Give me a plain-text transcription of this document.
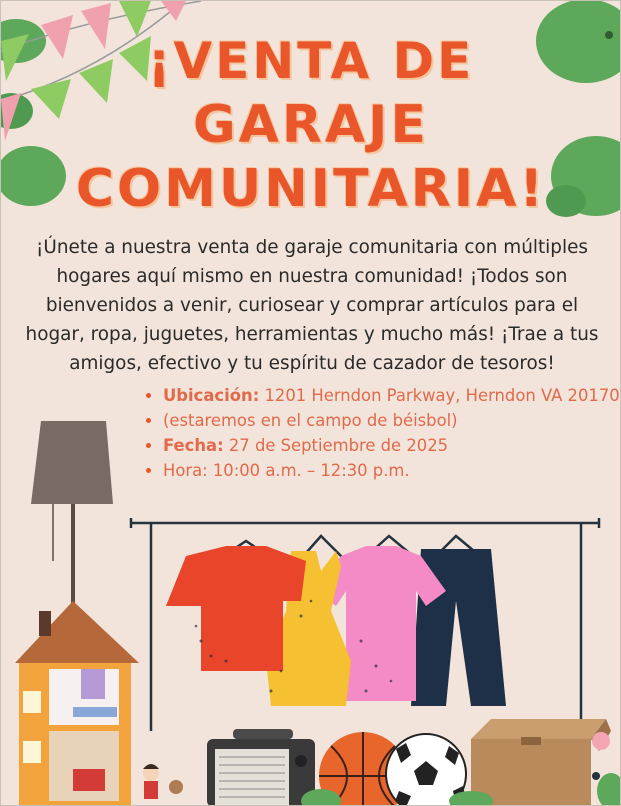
¡VENTA DE
GARAJE
COMUNITARIA!

¡Únete a nuestra venta de garaje comunitaria con múltiples hogares aquí mismo en nuestra comunidad! ¡Todos son bienvenidos a venir, curiosear y comprar artículos para el hogar, ropa, juguetes, herramientas y mucho más! ¡Trae a tus amigos, efectivo y tu espíritu de cazador de tesoros!

• Ubicación: 1201 Herndon Parkway, Herndon VA 20170
• (estaremos en el campo de béisbol)
• Fecha: 27 de Septiembre de 2025
• Hora: 10:00 a.m. – 12:30 p.m.
